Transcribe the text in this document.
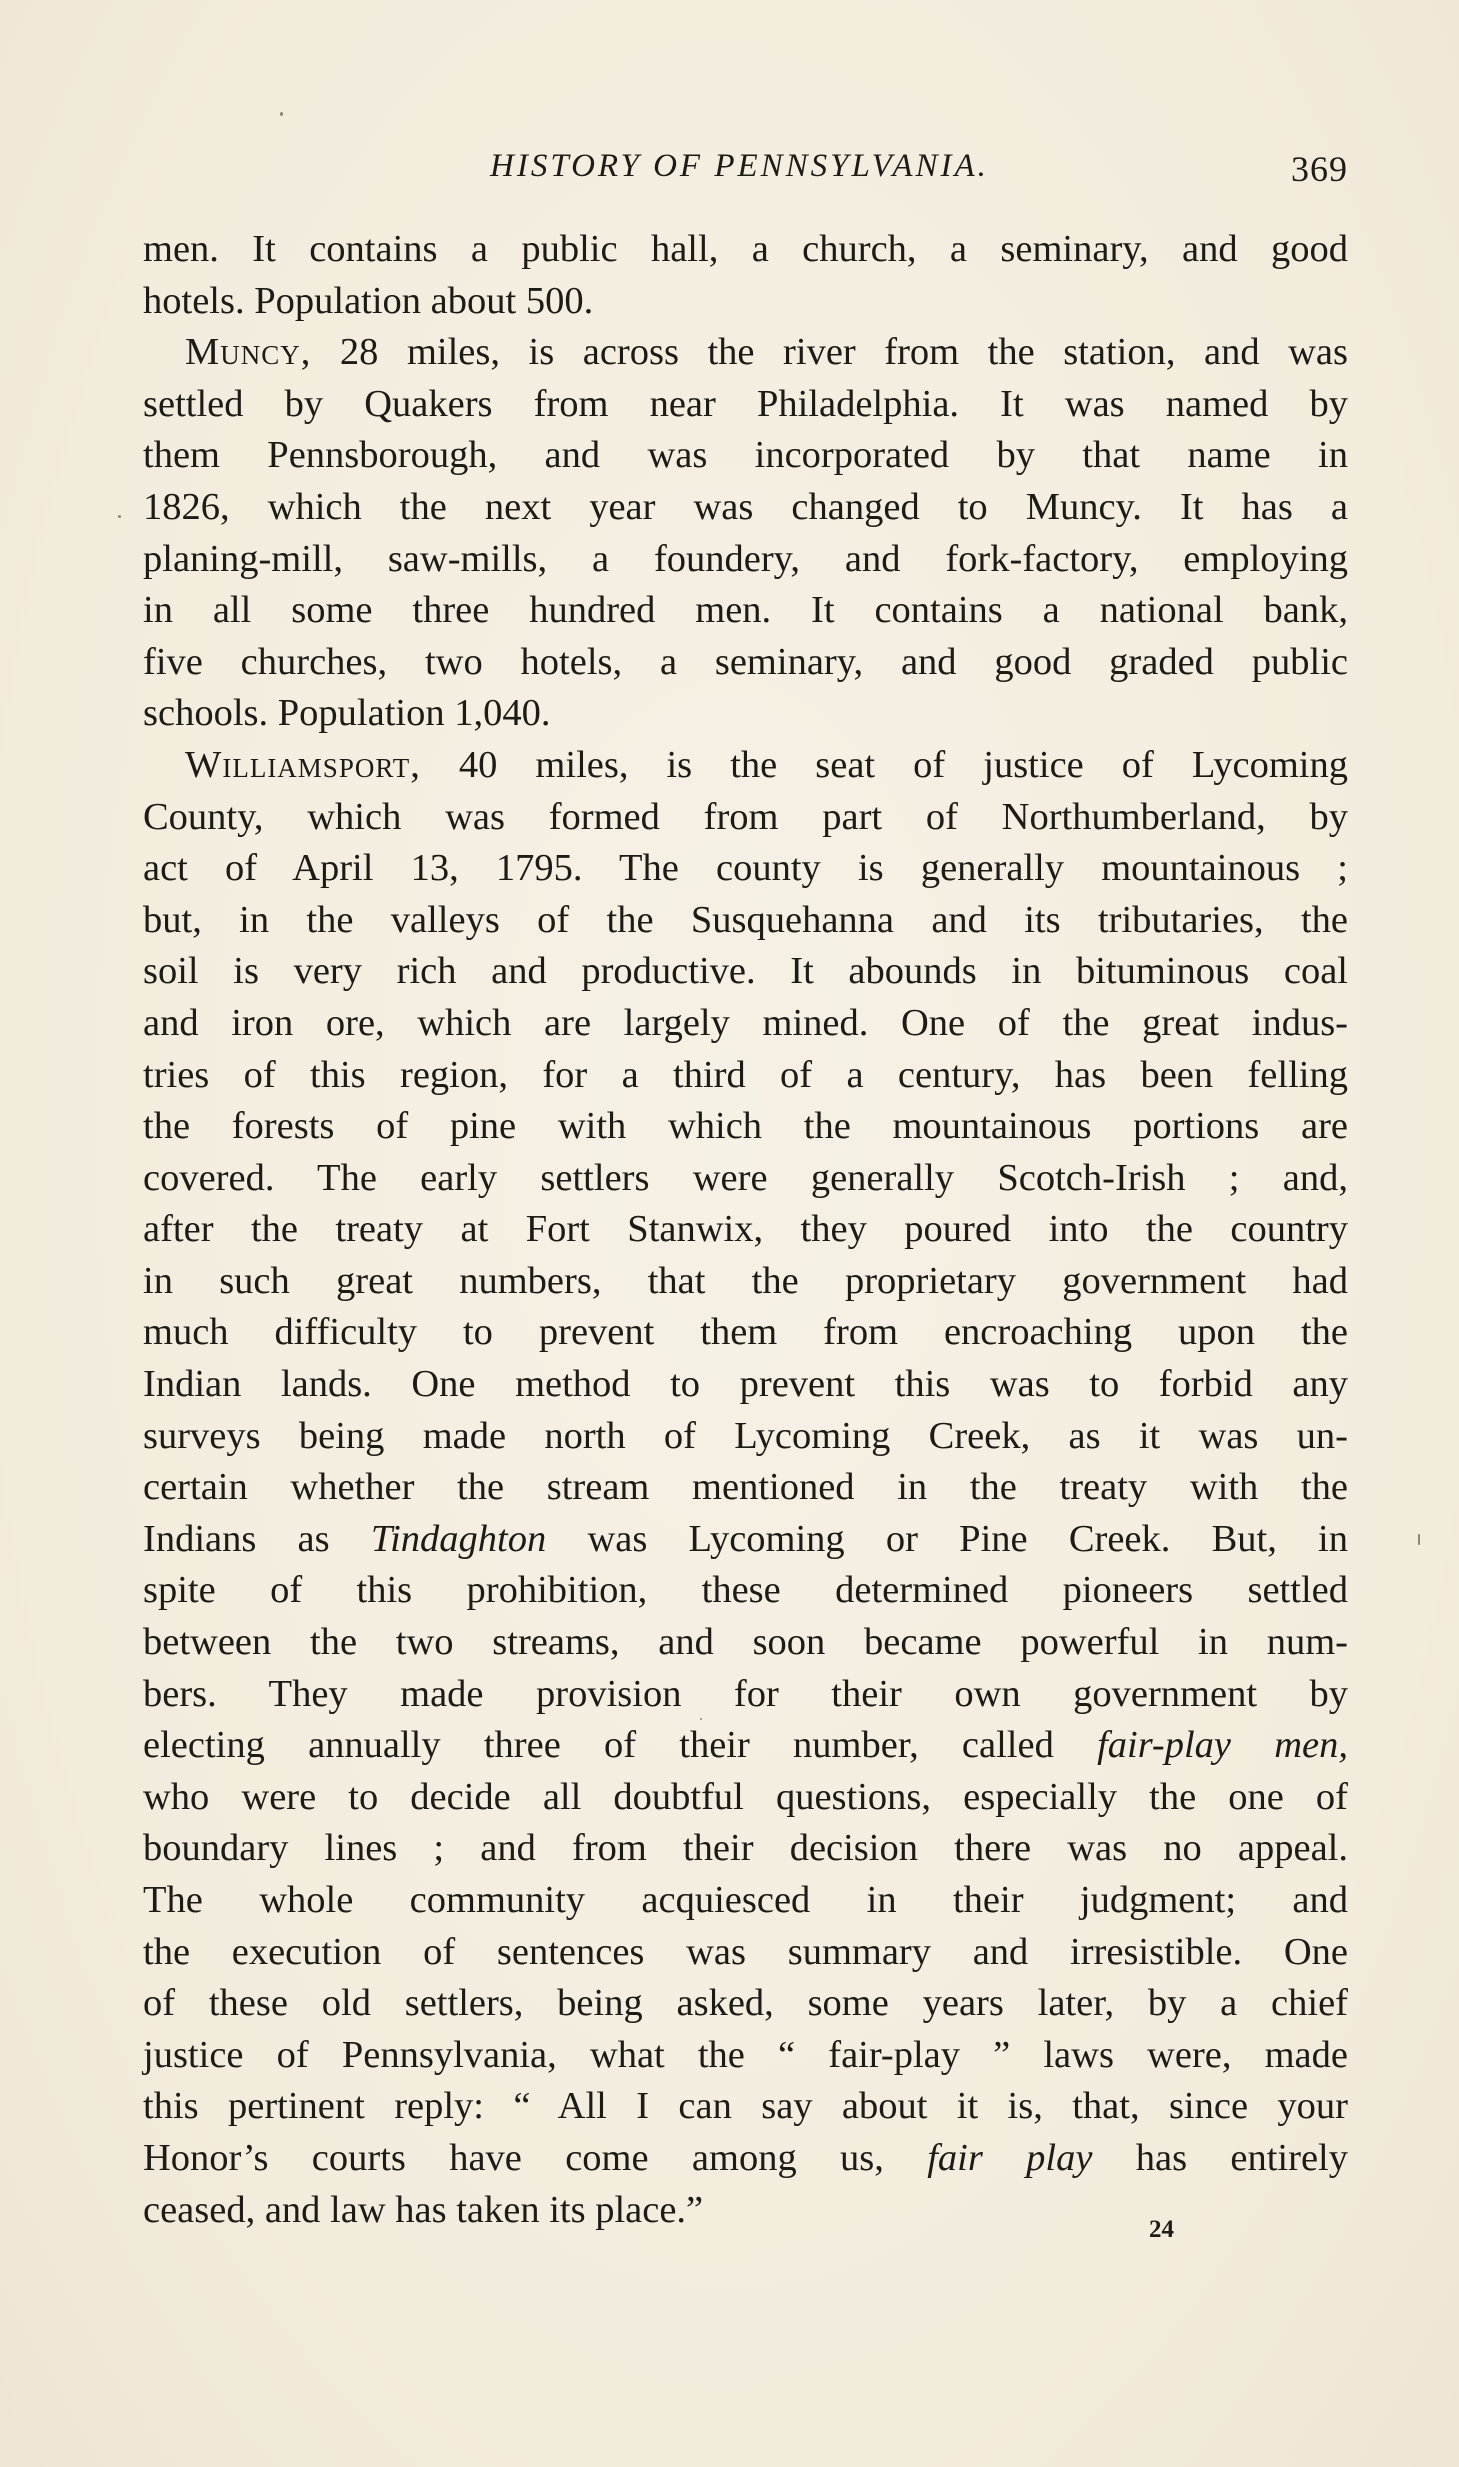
HISTORY OF PENNSYLVANIA.	369
men. It contains a public hall, a church, a seminary, and good
hotels. Population about 500.
Muncy, 28 miles, is across the river from the station, and was
settled by Quakers from near Philadelphia. It was named by
them Pennsborough, and was incorporated by that name in
1826, which the next year was changed to Muncy. It has a
planing-mill, saw-mills, a foundery, and fork-factory, employing
in all some three hundred men. It contains a national bank,
five churches, two hotels, a seminary, and good graded public
schools. Population 1,040.
Williamsport, 40 miles, is the seat of justice of Lycoming
County, which was formed from part of Northumberland, by
act of April 13, 1795. The county is generally mountainous ;
but, in the valleys of the Susquehanna and its tributaries, the
soil is very rich and productive. It abounds in bituminous coal
and iron ore, which are largely mined. One of the great indus-
tries of this region, for a third of a century, has been felling
the forests of pine with which the mountainous portions are
covered. The early settlers were generally Scotch-Irish ; and,
after the treaty at Fort Stanwix, they poured into the country
in such great numbers, that the proprietary government had
much difficulty to prevent them from encroaching upon the
Indian lands. One method to prevent this was to forbid any
surveys being made north of Lycoming Creek, as it was un-
certain whether the stream mentioned in the treaty with the
Indians as Tindaghton was Lycoming or Pine Creek. But, in
spite of this prohibition, these determined pioneers settled
between the two streams, and soon became powerful in num-
bers. They made provision for their own government by
electing annually three of their number, called fair-play men,
who were to decide all doubtful questions, especially the one of
boundary lines ; and from their decision there was no appeal.
The whole community acquiesced in their judgment; and
the execution of sentences was summary and irresistible. One
of these old settlers, being asked, some years later, by a chief
justice of Pennsylvania, what the “ fair-play ” laws were, made
this pertinent reply: “ All I can say about it is, that, since your
Honor’s courts have come among us, fair play has entirely
ceased, and law has taken its place.”	24
